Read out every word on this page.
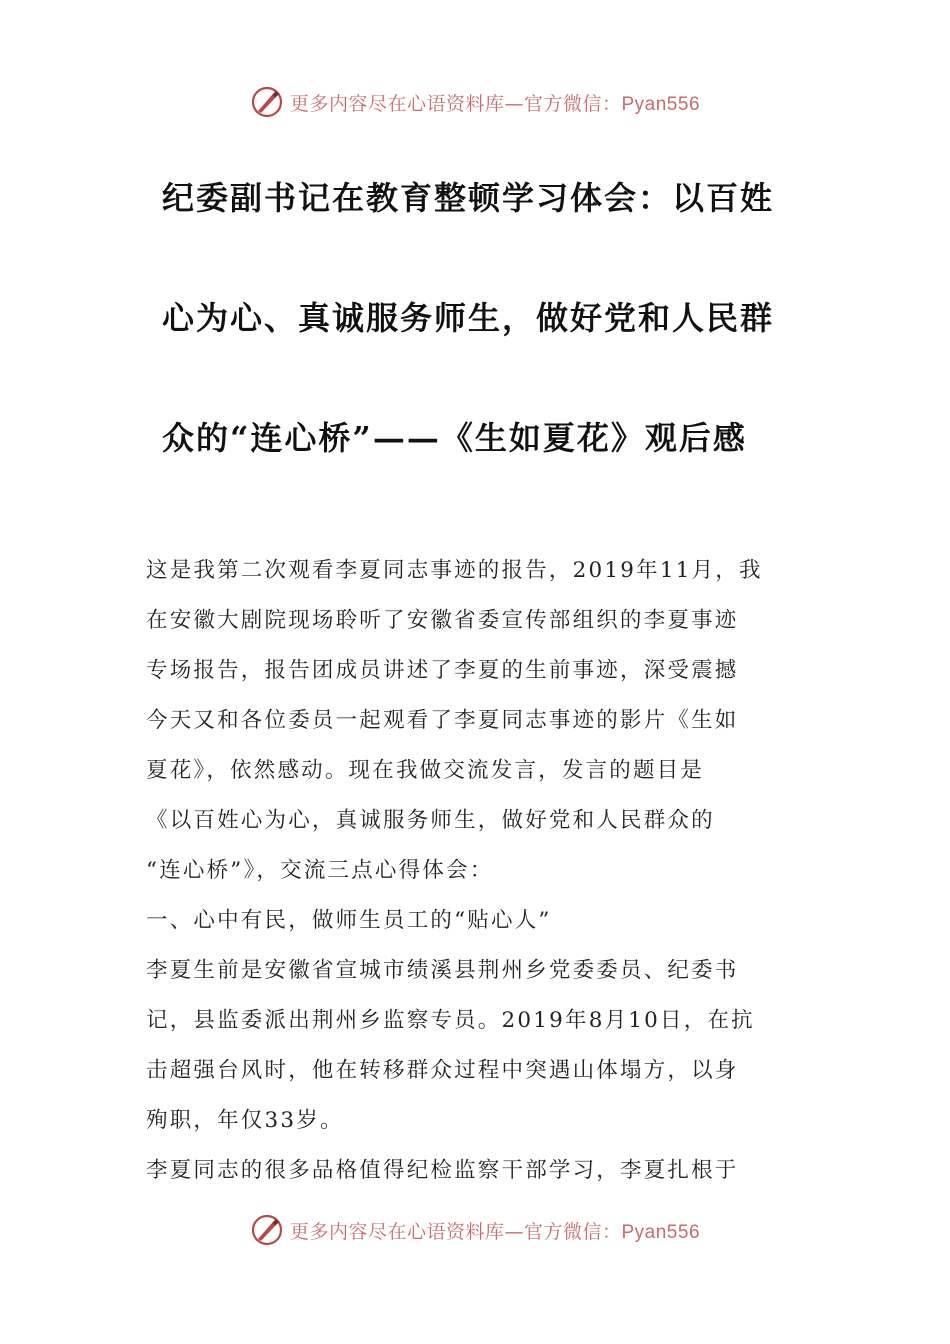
更多内容尽在心语资料库—官方微信：Pyan556
纪委副书记在教育整顿学习体会：以百姓
心为心、真诚服务师生，做好党和人民群
众的“连心桥”——《生如夏花》观后感
这是我第二次观看李夏同志事迹的报告，2019年11月，我
在安徽大剧院现场聆听了安徽省委宣传部组织的李夏事迹
专场报告，报告团成员讲述了李夏的生前事迹，深受震撼
今天又和各位委员一起观看了李夏同志事迹的影片《生如
夏花》，依然感动。现在我做交流发言，发言的题目是
《以百姓心为心，真诚服务师生，做好党和人民群众的
“连心桥”》，交流三点心得体会：
一、心中有民，做师生员工的“贴心人”
李夏生前是安徽省宣城市绩溪县荆州乡党委委员、纪委书
记，县监委派出荆州乡监察专员。2019年8月10日，在抗
击超强台风时，他在转移群众过程中突遇山体塌方，以身
殉职，年仅33岁。
李夏同志的很多品格值得纪检监察干部学习，李夏扎根于
更多内容尽在心语资料库—官方微信：Pyan556
